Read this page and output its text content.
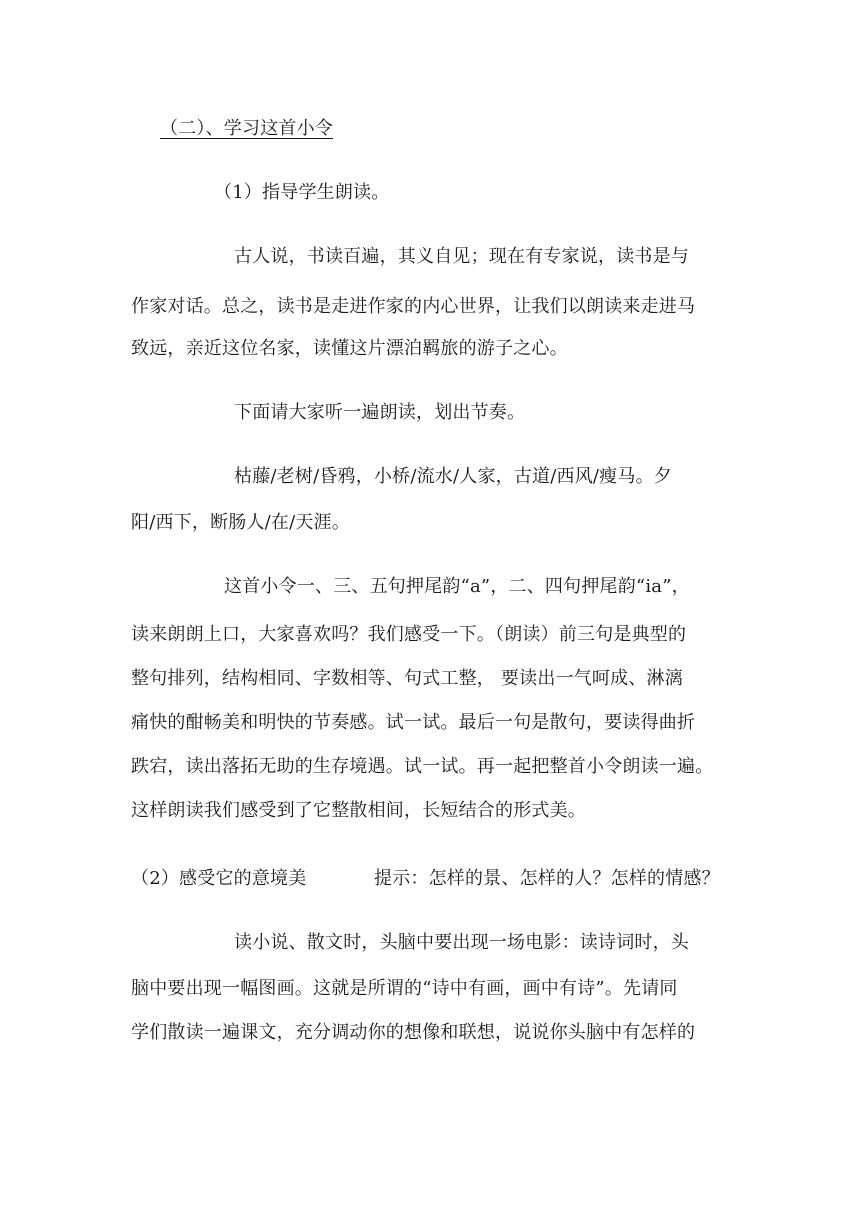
（二）、学习这首小令
（1）指导学生朗读。
古人说，书读百遍，其义自见；现在有专家说，读书是与
作家对话。总之，读书是走进作家的内心世界，让我们以朗读来走进马
致远，亲近这位名家，读懂这片漂泊羁旅的游子之心。
下面请大家听一遍朗读，划出节奏。
枯藤/老树/昏鸦，小桥/流水/人家，古道/西风/瘦马。夕
阳/西下，断肠人/在/天涯。
这首小令一、三、五句押尾韵“a”，二、四句押尾韵“ia”，
读来朗朗上口，大家喜欢吗？我们感受一下。（朗读）前三句是典型的
整句排列，结构相同、字数相等、句式工整， 要读出一气呵成、淋漓
痛快的酣畅美和明快的节奏感。试一试。最后一句是散句，要读得曲折
跌宕，读出落拓无助的生存境遇。试一试。再一起把整首小令朗读一遍。
这样朗读我们感受到了它整散相间，长短结合的形式美。
（2）感受它的意境美	提示：怎样的景、怎样的人？怎样的情感？
读小说、散文时，头脑中要出现一场电影：读诗词时，头
脑中要出现一幅图画。这就是所谓的“诗中有画，画中有诗”。先请同
学们散读一遍课文，充分调动你的想像和联想，说说你头脑中有怎样的
